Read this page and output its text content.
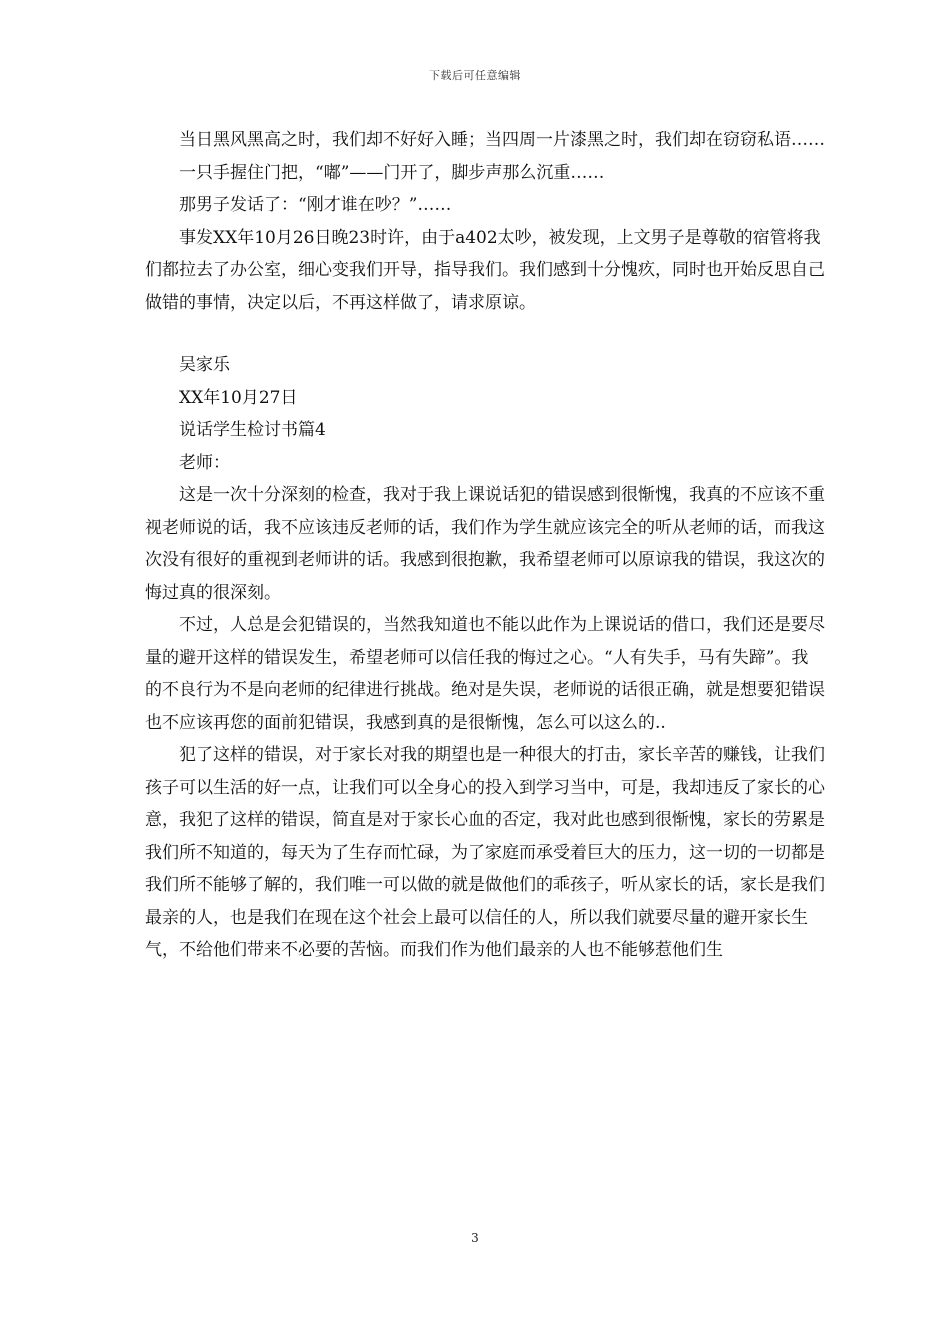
下载后可任意编辑

当日黑风黑高之时，我们却不好好入睡；当四周一片漆黑之时，我们却在窃窃私语……

一只手握住门把，“嘟”——门开了，脚步声那么沉重……

那男子发话了：“刚才谁在吵？”……

事发XX年10月26日晚23时许，由于a402太吵，被发现，上文男子是尊敬的宿管将我们都拉去了办公室，细心变我们开导，指导我们。我们感到十分愧疚，同时也开始反思自己做错的事情，决定以后，不再这样做了，请求原谅。

吴家乐

XX年10月27日

说话学生检讨书篇4

老师：

这是一次十分深刻的检查，我对于我上课说话犯的错误感到很惭愧，我真的不应该不重视老师说的话，我不应该违反老师的话，我们作为学生就应该完全的听从老师的话，而我这次没有很好的重视到老师讲的话。我感到很抱歉，我希望老师可以原谅我的错误，我这次的悔过真的很深刻。

不过，人总是会犯错误的，当然我知道也不能以此作为上课说话的借口，我们还是要尽量的避开这样的错误发生，希望老师可以信任我的悔过之心。“人有失手，马有失蹄”。我的不良行为不是向老师的纪律进行挑战。绝对是失误，老师说的话很正确，就是想要犯错误也不应该再您的面前犯错误，我感到真的是很惭愧，怎么可以这么的..

犯了这样的错误，对于家长对我的期望也是一种很大的打击，家长辛苦的赚钱，让我们孩子可以生活的好一点，让我们可以全身心的投入到学习当中，可是，我却违反了家长的心意，我犯了这样的错误，简直是对于家长心血的否定，我对此也感到很惭愧，家长的劳累是我们所不知道的，每天为了生存而忙碌，为了家庭而承受着巨大的压力，这一切的一切都是我们所不能够了解的，我们唯一可以做的就是做他们的乖孩子，听从家长的话，家长是我们最亲的人，也是我们在现在这个社会上最可以信任的人，所以我们就要尽量的避开家长生气，不给他们带来不必要的苦恼。而我们作为他们最亲的人也不能够惹他们生

3
